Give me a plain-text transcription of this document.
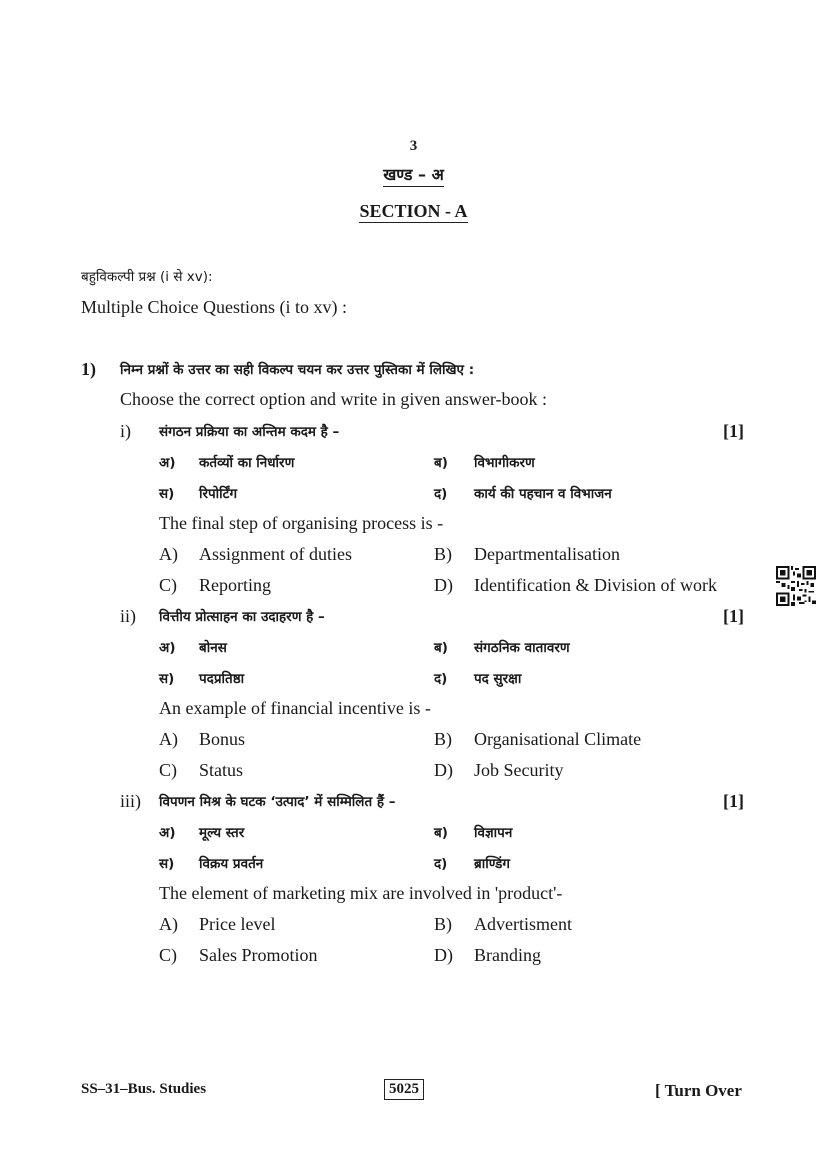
3
खण्ड – अ
SECTION - A
बहुविकल्पी प्रश्न (i से xv):
Multiple Choice Questions (i to xv) :
1) निम्न प्रश्नों के उत्तर का सही विकल्प चयन कर उत्तर पुस्तिका में लिखिए :
Choose the correct option and write in given answer-book :
i) संगठन प्रक्रिया का अन्तिम कदम है –	[1]
अ) कर्तव्यों का निर्धारण	ब) विभागीकरण
स) रिपोर्टिंग	द) कार्य की पहचान व विभाजन
The final step of organising process is -
A) Assignment of duties	B) Departmentalisation
C) Reporting	D) Identification & Division of work
ii) वित्तीय प्रोत्साहन का उदाहरण है –	[1]
अ) बोनस	ब) संगठनिक वातावरण
स) पदप्रतिष्ठा	द) पद सुरक्षा
An example of financial incentive is -
A) Bonus	B) Organisational Climate
C) Status	D) Job Security
iii) विपणन मिश्र के घटक ‘उत्पाद’ में सम्मिलित हैं –	[1]
अ) मूल्य स्तर	ब) विज्ञापन
स) विक्रय प्रवर्तन	द) ब्राण्डिंग
The element of marketing mix are involved in 'product'-
A) Price level	B) Advertisment
C) Sales Promotion	D) Branding
SS–31–Bus. Studies	5025	[ Turn Over
